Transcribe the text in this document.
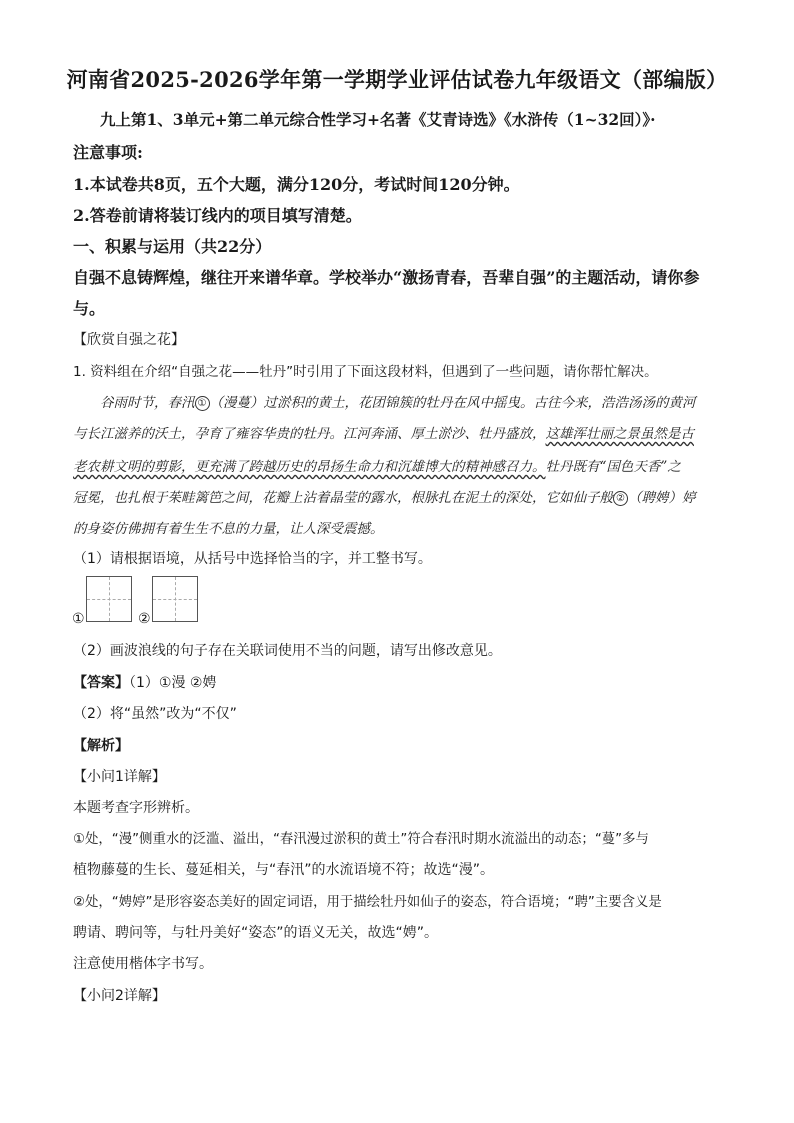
河南省2025-2026学年第一学期学业评估试卷九年级语文（部编版）
九上第1、3单元+第二单元综合性学习+名著《艾青诗选》《水浒传（1~32回）》·
注意事项:
1.本试卷共8页，五个大题，满分120分，考试时间120分钟。
2.答卷前请将装订线内的项目填写清楚。
一、积累与运用（共22分）
自强不息铸辉煌，继往开来谱华章。学校举办“激扬青春，吾辈自强”的主题活动，请你参
与。
【欣赏自强之花】
1. 资料组在介绍“自强之花——牡丹”时引用了下面这段材料，但遇到了一些问题，请你帮忙解决。
谷雨时节，春汛 ① （漫蔓）过淤积的黄土，花团锦簇的牡丹在风中摇曳。古往今来，浩浩汤汤的黄河
与长江滋养的沃土，孕育了雍容华贵的牡丹。江河奔涌、厚土淤沙、牡丹盛放，这雄浑壮丽之景虽然是古
老农耕文明的剪影，更充满了跨越历史的昂扬生命力和沉雄博大的精神感召力。牡丹既有“国色天香”之
冠冕，也扎根于茱畦篱笆之间，花瓣上沾着晶莹的露水，根脉扎在泥土的深处，它如仙子般 ② （聘娉）婷
的身姿仿佛拥有着生生不息的力量，让人深受震撼。
（1）请根据语境，从括号中选择恰当的字，并工整书写。
①	②
（2）画波浪线的句子存在关联词使用不当的问题，请写出修改意见。
【答案】（1）①漫 ②娉
（2）将“虽然”改为“不仅”
【解析】
【小问1详解】
本题考查字形辨析。
①处，“漫”侧重水的泛滥、溢出，“春汛漫过淤积的黄土”符合春汛时期水流溢出的动态；“蔓”多与
植物藤蔓的生长、蔓延相关，与“春汛”的水流语境不符；故选“漫”。
②处，“娉婷”是形容姿态美好的固定词语，用于描绘牡丹如仙子的姿态，符合语境；“聘”主要含义是
聘请、聘问等，与牡丹美好“姿态”的语义无关，故选“娉”。
注意使用楷体字书写。
【小问2详解】
